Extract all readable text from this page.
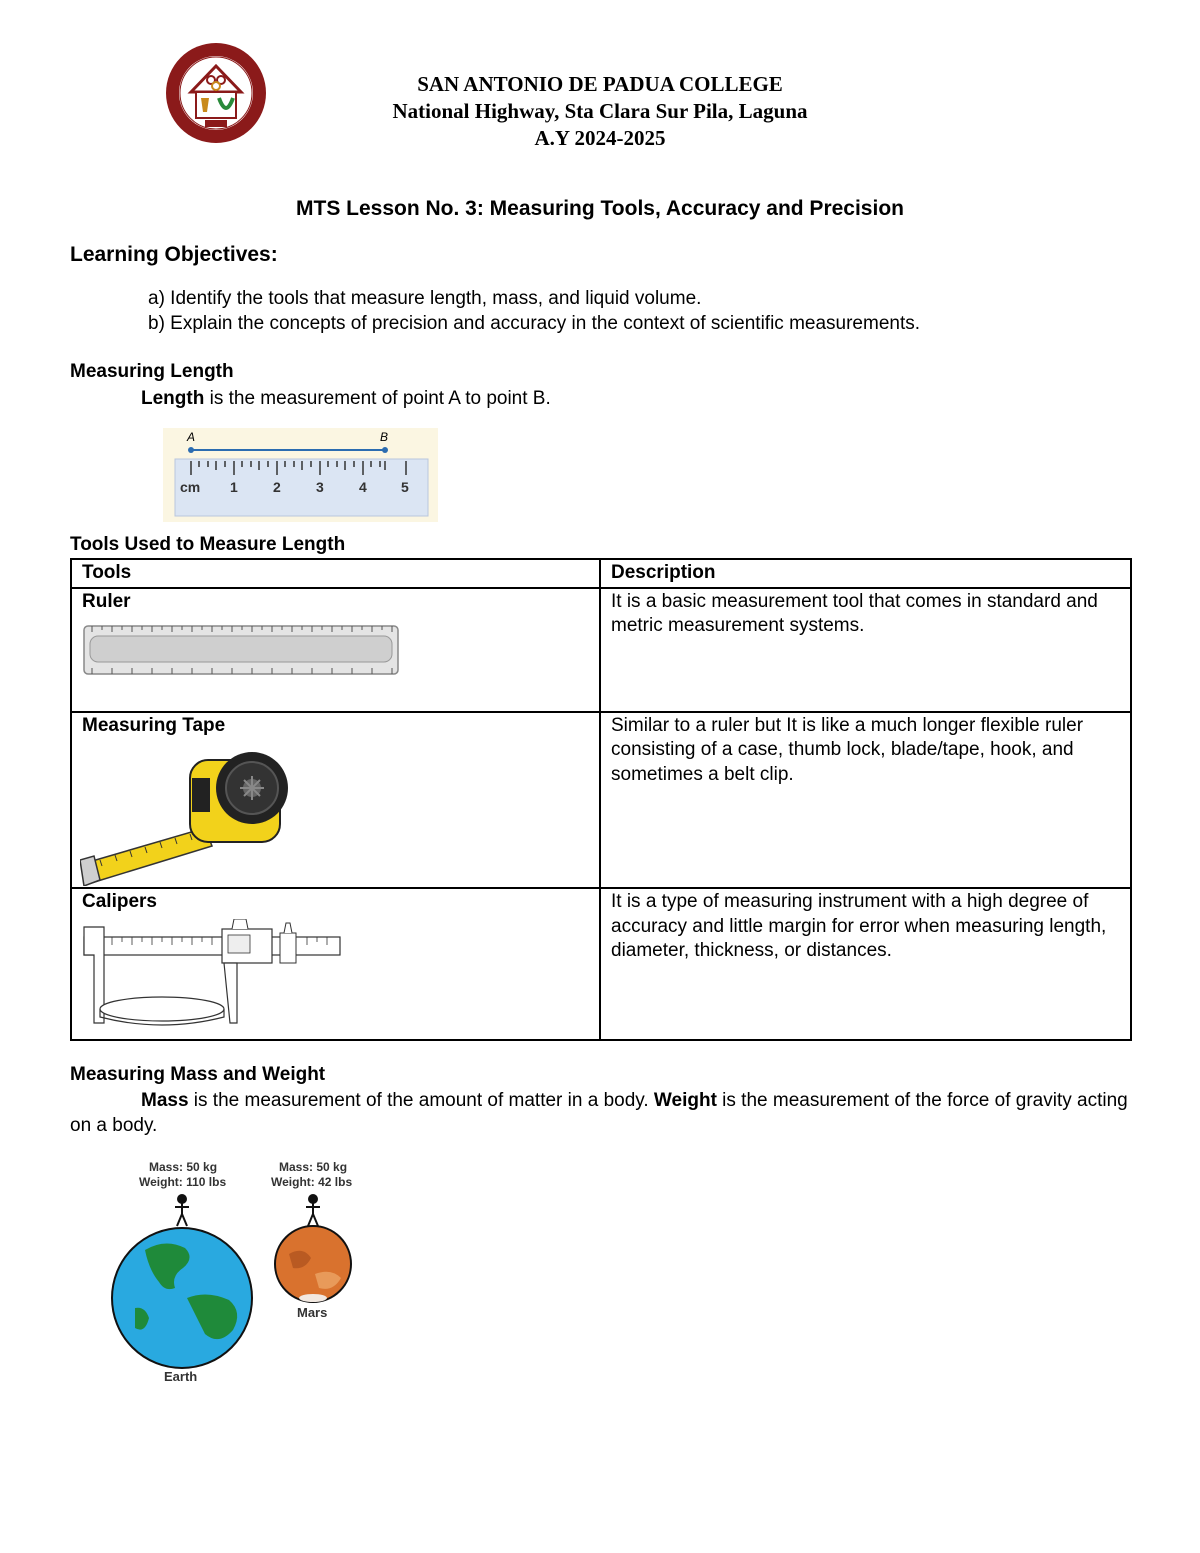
SAN ANTONIO DE PADUA COLLEGE
National Highway, Sta Clara Sur Pila, Laguna
A.Y 2024-2025
MTS Lesson No. 3: Measuring Tools, Accuracy and Precision
Learning Objectives:
a) Identify the tools that measure length, mass, and liquid volume.
b) Explain the concepts of precision and accuracy in the context of scientific measurements.
Measuring Length
Length is the measurement of point A to point B.
A	B
cm 1	2	3	4 5
Tools Used to Measure Length
Tools	Description

Ruler	It is a basic measurement tool that comes in standard and metric measurement systems.

Measuring Tape	Similar to a ruler but It is like a much longer flexible ruler consisting of a case, thumb lock, blade/tape, hook, and sometimes a belt clip.

Calipers	It is a type of measuring instrument with a high degree of accuracy and little margin for error when measuring length, diameter, thickness, or distances.
Measuring Mass and Weight
Mass is the measurement of the amount of matter in a body. Weight is the measurement of the force of gravity acting on a body.
Mass: 50 kg
Weight: 110 lbs
Earth
Mass: 50 kg
Weight: 42 lbs
Mars
